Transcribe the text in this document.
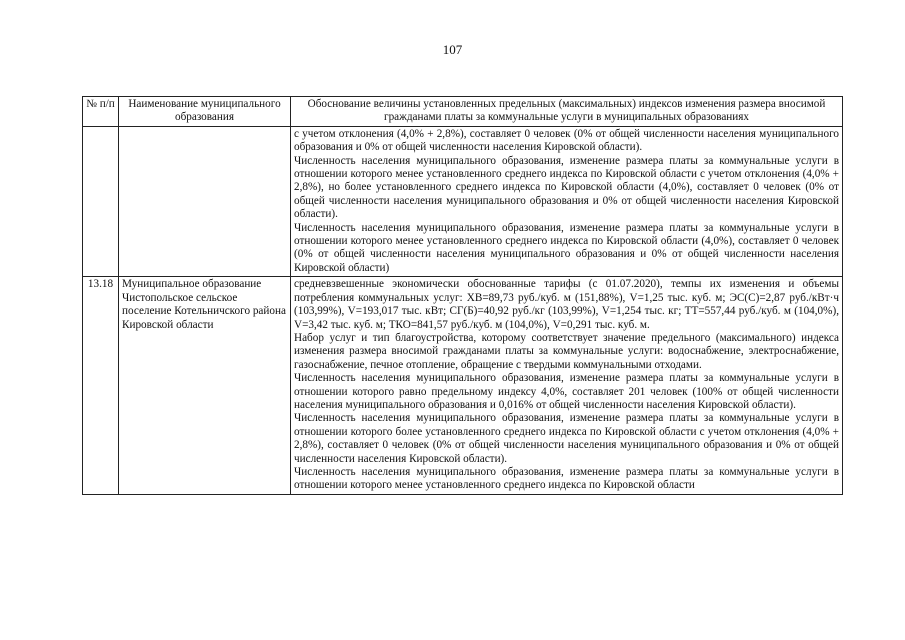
107
№ п/п	Наименование муниципального образования	Обоснование величины установленных предельных (максимальных) индексов изменения размера вносимой гражданами платы за коммунальные услуги в муниципальных образованиях

		с учетом отклонения (4,0% + 2,8%), составляет 0 человек (0% от общей численности населения муниципального образования и 0% от общей численности населения Кировской области).

Численность населения муниципального образования, изменение размера платы за коммунальные услуги в отношении которого менее установленного среднего индекса по Кировской области с учетом отклонения (4,0% + 2,8%), но более установленного среднего индекса по Кировской области (4,0%), составляет 0 человек (0% от общей численности населения муниципального образования и 0% от общей численности населения Кировской области).

Численность населения муниципального образования, изменение размера платы за коммунальные услуги в отношении которого менее установленного среднего индекса по Кировской области (4,0%), составляет 0 человек (0% от общей численности населения муниципального образования и 0% от общей численности населения Кировской области)

13.18	Муниципальное образование Чистопольское сельское поселение Котельничского района Кировской области	средневзвешенные экономически обоснованные тарифы (с 01.07.2020), темпы их изменения и объемы потребления коммунальных услуг: ХВ=89,73 руб./куб. м (151,88%), V=1,25 тыс. куб. м; ЭС(С)=2,87 руб./кВт·ч (103,99%), V=193,017 тыс. кВт; СГ(Б)=40,92 руб./кг (103,99%), V=1,254 тыс. кг; ТТ=557,44 руб./куб. м (104,0%), V=3,42 тыс. куб. м; ТКО=841,57 руб./куб. м (104,0%), V=0,291 тыс. куб. м.

Набор услуг и тип благоустройства, которому соответствует значение предельного (максимального) индекса изменения размера вносимой гражданами платы за коммунальные услуги: водоснабжение, электроснабжение, газоснабжение, печное отопление, обращение с твердыми коммунальными отходами.

Численность населения муниципального образования, изменение размера платы за коммунальные услуги в отношении которого равно предельному индексу 4,0%, составляет 201 человек (100% от общей численности населения муниципального образования и 0,016% от общей численности населения Кировской области).

Численность населения муниципального образования, изменение размера платы за коммунальные услуги в отношении которого более установленного среднего индекса по Кировской области с учетом отклонения (4,0% + 2,8%), составляет 0 человек (0% от общей численности населения муниципального образования и 0% от общей численности населения Кировской области).

Численность населения муниципального образования, изменение размера платы за коммунальные услуги в отношении которого менее установленного среднего индекса по Кировской области
